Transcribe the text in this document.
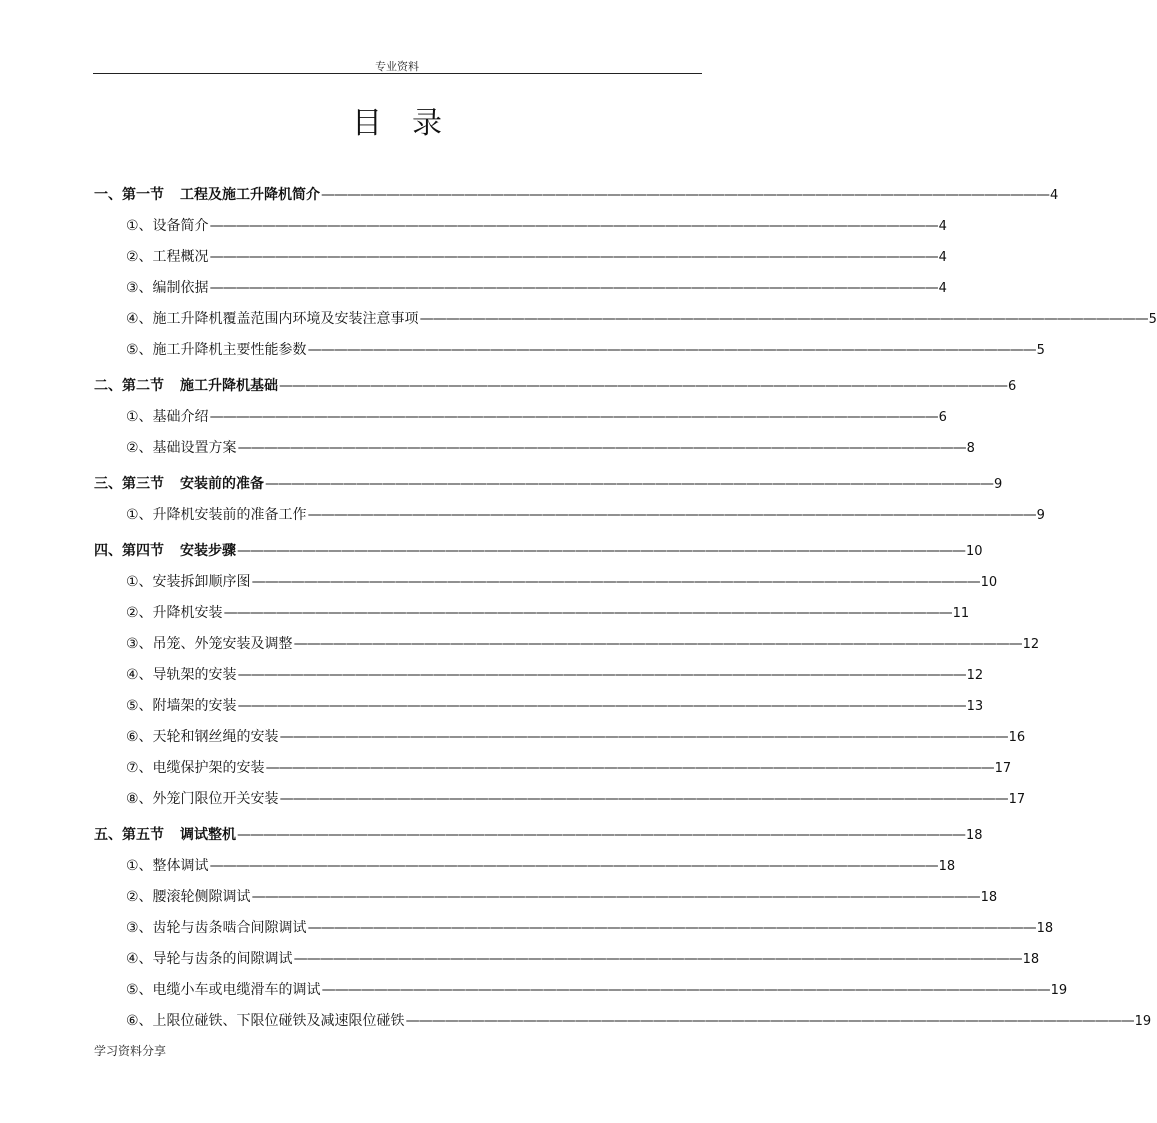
专业资料
目录
一、第一节 工程及施工升降机简介 ———————————————————————————————————————————————————————— 4
①、设备简介 ———————————————————————————————————————————————————————— 4
②、工程概况 ———————————————————————————————————————————————————————— 4
③、编制依据 ———————————————————————————————————————————————————————— 4
④、施工升降机覆盖范围内环境及安装注意事项 ———————————————————————————————————————————————————————— 5
⑤、施工升降机主要性能参数 ———————————————————————————————————————————————————————— 5
二、第二节 施工升降机基础 ———————————————————————————————————————————————————————— 6
①、基础介绍 ———————————————————————————————————————————————————————— 6
②、基础设置方案 ———————————————————————————————————————————————————————— 8
三、第三节 安装前的准备 ———————————————————————————————————————————————————————— 9
①、升降机安装前的准备工作 ———————————————————————————————————————————————————————— 9
四、第四节 安装步骤 ———————————————————————————————————————————————————————— 10
①、安装拆卸顺序图 ———————————————————————————————————————————————————————— 10
②、升降机安装 ———————————————————————————————————————————————————————— 11
③、吊笼、外笼安装及调整 ———————————————————————————————————————————————————————— 12
④、导轨架的安装 ———————————————————————————————————————————————————————— 12
⑤、附墙架的安装 ———————————————————————————————————————————————————————— 13
⑥、天轮和钢丝绳的安装 ———————————————————————————————————————————————————————— 16
⑦、电缆保护架的安装 ———————————————————————————————————————————————————————— 17
⑧、外笼门限位开关安装 ———————————————————————————————————————————————————————— 17
五、第五节 调试整机 ———————————————————————————————————————————————————————— 18
①、整体调试 ———————————————————————————————————————————————————————— 18
②、腰滚轮侧隙调试 ———————————————————————————————————————————————————————— 18
③、齿轮与齿条啮合间隙调试 ———————————————————————————————————————————————————————— 18
④、导轮与齿条的间隙调试 ———————————————————————————————————————————————————————— 18
⑤、电缆小车或电缆滑车的调试 ———————————————————————————————————————————————————————— 19
⑥、上限位碰铁、下限位碰铁及减速限位碰铁 ———————————————————————————————————————————————————————— 19
学习资料分享
